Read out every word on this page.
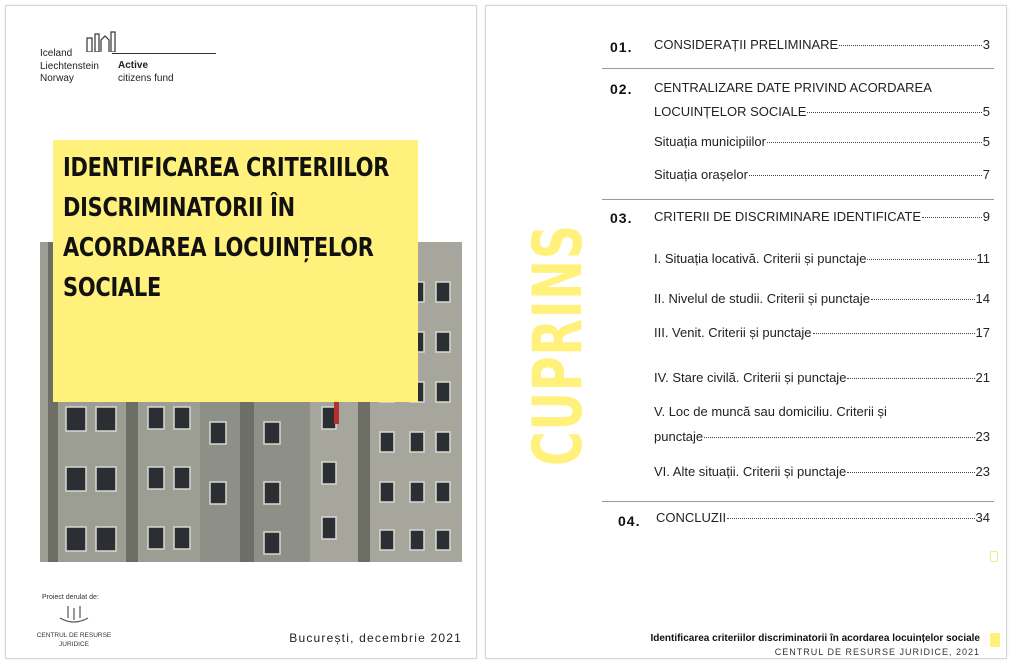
Iceland
Liechtenstein
Norway
Active
citizens fund
IDENTIFICAREA CRITERIILOR
DISCRIMINATORII ÎN
ACORDAREA LOCUINȚELOR
SOCIALE
Proiect derulat de:
CENTRUL DE RESURSE
JURIDICE	București, decembrie 2021
CUPRINS
01. CONSIDERAȚII PRELIMINARE	3
02. CENTRALIZARE DATE PRIVIND ACORDAREA
LOCUINȚELOR SOCIALE	5
Situația municipiilor	5
Situația orașelor	7
03. CRITERII DE DISCRIMINARE IDENTIFICATE	9
I. Situația locativă. Criterii și punctaje	11
II. Nivelul de studii. Criterii și punctaje	14
III. Venit. Criterii și punctaje	17
IV. Stare civilă. Criterii și punctaje	21
V. Loc de muncă sau domiciliu. Criterii și
punctaje	23
VI. Alte situații. Criterii și punctaje	23
04. CONCLUZII	34
Identificarea criteriilor discriminatorii în acordarea locuințelor sociale
CENTRUL DE RESURSE JURIDICE, 2021
